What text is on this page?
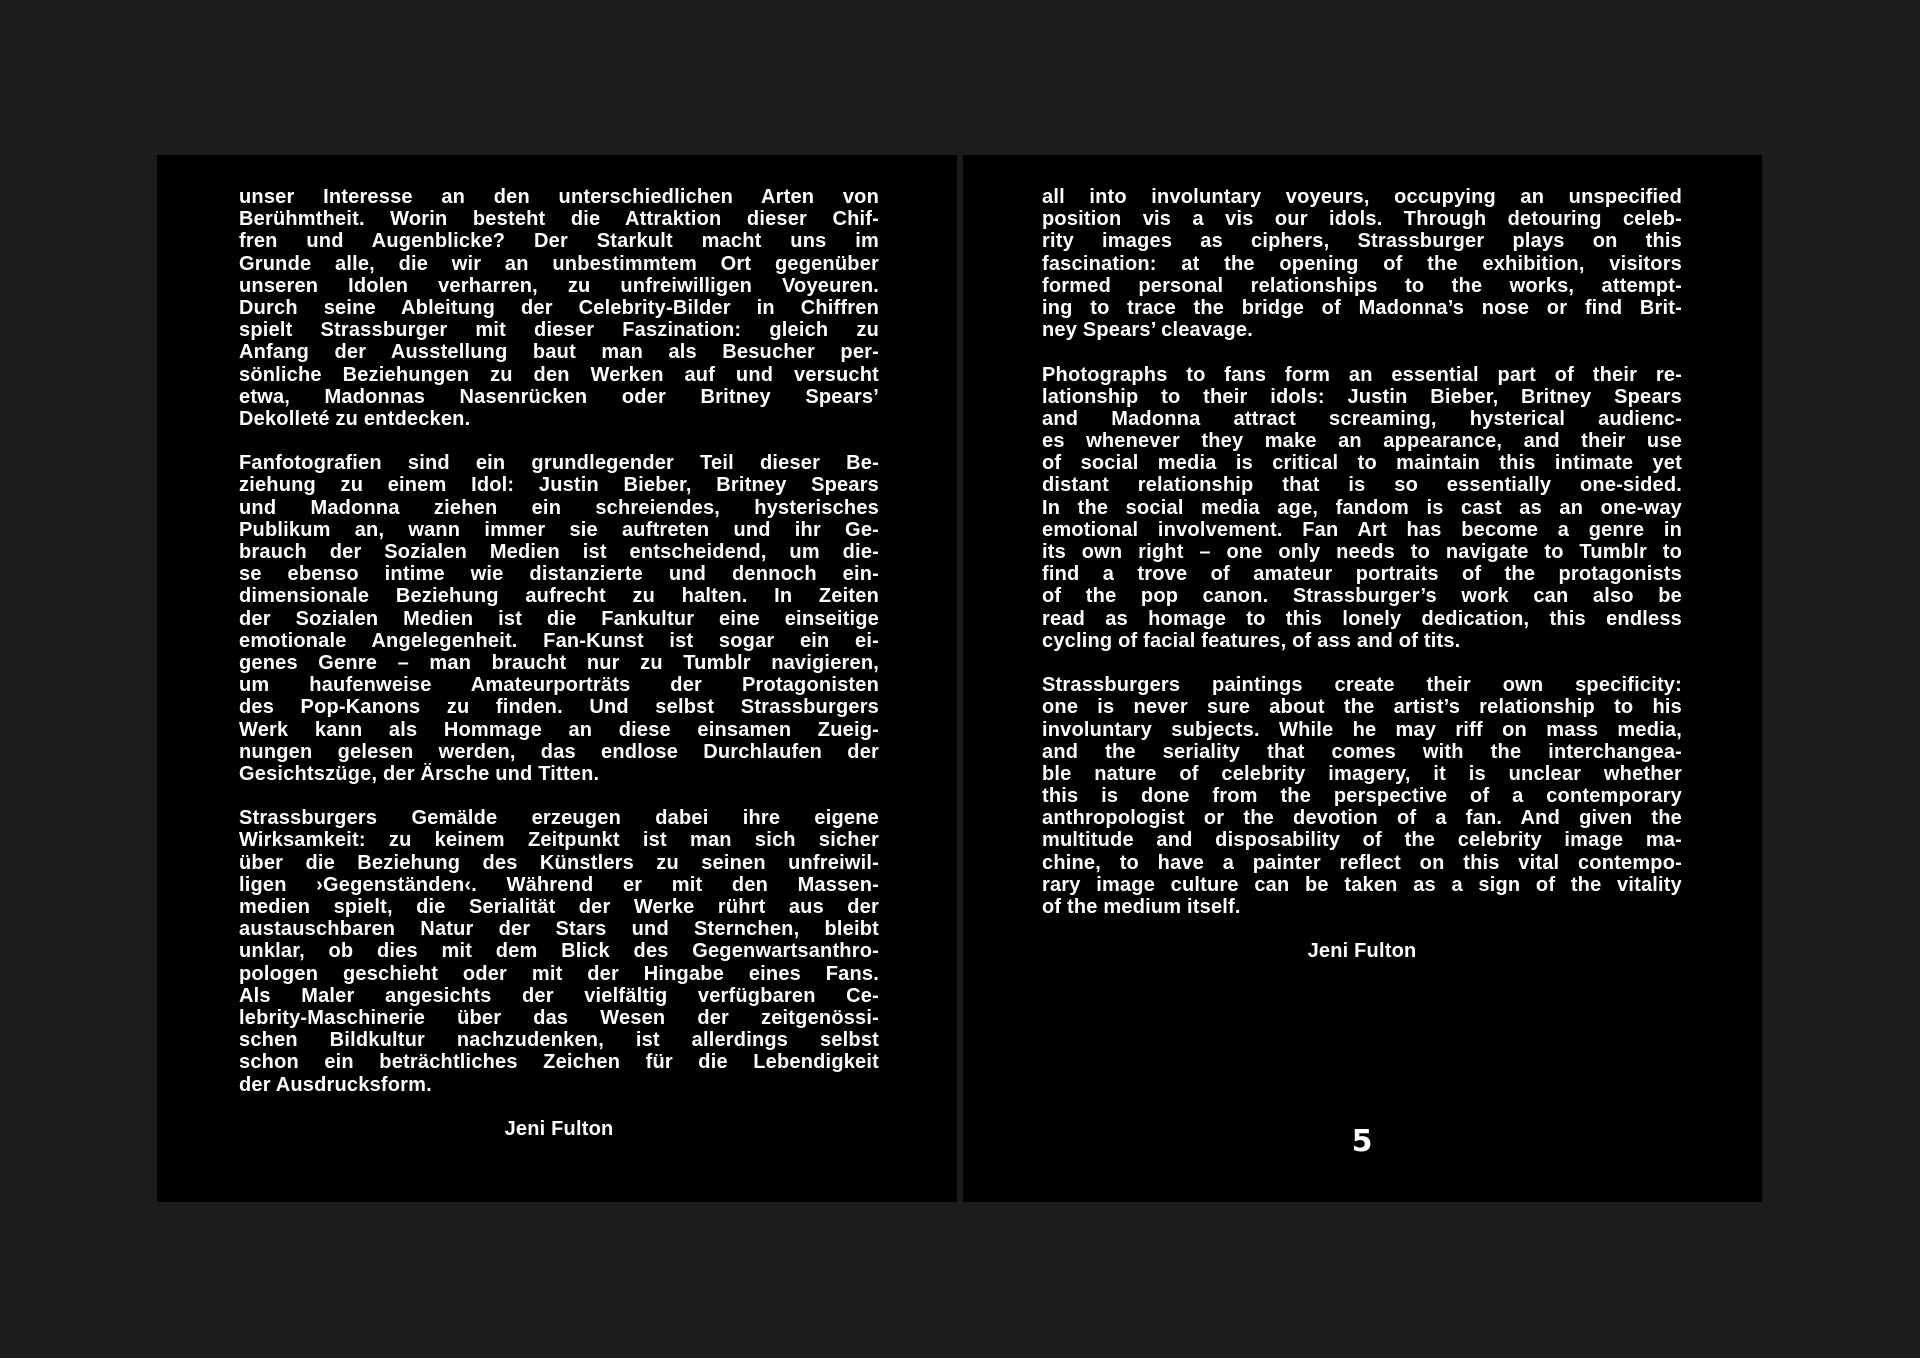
unser Interesse an den unterschiedlichen Arten von
Berühmtheit. Worin besteht die Attraktion dieser Chif-
fren und Augenblicke? Der Starkult macht uns im
Grunde alle, die wir an unbestimmtem Ort gegenüber
unseren Idolen verharren, zu unfreiwilligen Voyeuren.
Durch seine Ableitung der Celebrity-Bilder in Chiffren
spielt Strassburger mit dieser Faszination: gleich zu
Anfang der Ausstellung baut man als Besucher per-
sönliche Beziehungen zu den Werken auf und versucht
etwa, Madonnas Nasenrücken oder Britney Spears’
Dekolleté zu entdecken.
Fanfotografien sind ein grundlegender Teil dieser Be-
ziehung zu einem Idol: Justin Bieber, Britney Spears
und Madonna ziehen ein schreiendes, hysterisches
Publikum an, wann immer sie auftreten und ihr Ge-
brauch der Sozialen Medien ist entscheidend, um die-
se ebenso intime wie distanzierte und dennoch ein-
dimensionale Beziehung aufrecht zu halten. In Zeiten
der Sozialen Medien ist die Fankultur eine einseitige
emotionale Angelegenheit. Fan-Kunst ist sogar ein ei-
genes Genre – man braucht nur zu Tumblr navigieren,
um haufenweise Amateurporträts der Protagonisten
des Pop-Kanons zu finden. Und selbst Strassburgers
Werk kann als Hommage an diese einsamen Zueig-
nungen gelesen werden, das endlose Durchlaufen der
Gesichtszüge, der Ärsche und Titten.
Strassburgers Gemälde erzeugen dabei ihre eigene
Wirksamkeit: zu keinem Zeitpunkt ist man sich sicher
über die Beziehung des Künstlers zu seinen unfreiwil-
ligen ›Gegenständen‹. Während er mit den Massen-
medien spielt, die Serialität der Werke rührt aus der
austauschbaren Natur der Stars und Sternchen, bleibt
unklar, ob dies mit dem Blick des Gegenwartsanthro-
pologen geschieht oder mit der Hingabe eines Fans.
Als Maler angesichts der vielfältig verfügbaren Ce-
lebrity-Maschinerie über das Wesen der zeitgenössi-
schen Bildkultur nachzudenken, ist allerdings selbst
schon ein beträchtliches Zeichen für die Lebendigkeit
der Ausdrucksform.
Jeni Fulton
all into involuntary voyeurs, occupying an unspecified
position vis a vis our idols. Through detouring celeb-
rity images as ciphers, Strassburger plays on this
fascination: at the opening of the exhibition, visitors
formed personal relationships to the works, attempt-
ing to trace the bridge of Madonna’s nose or find Brit-
ney Spears’ cleavage.
Photographs to fans form an essential part of their re-
lationship to their idols: Justin Bieber, Britney Spears
and Madonna attract screaming, hysterical audienc-
es whenever they make an appearance, and their use
of social media is critical to maintain this intimate yet
distant relationship that is so essentially one-sided.
In the social media age, fandom is cast as an one-way
emotional involvement. Fan Art has become a genre in
its own right – one only needs to navigate to Tumblr to
find a trove of amateur portraits of the protagonists
of the pop canon. Strassburger’s work can also be
read as homage to this lonely dedication, this endless
cycling of facial features, of ass and of tits.
Strassburgers paintings create their own specificity:
one is never sure about the artist’s relationship to his
involuntary subjects. While he may riff on mass media,
and the seriality that comes with the interchangea-
ble nature of celebrity imagery, it is unclear whether
this is done from the perspective of a contemporary
anthropologist or the devotion of a fan. And given the
multitude and disposability of the celebrity image ma-
chine, to have a painter reflect on this vital contempo-
rary image culture can be taken as a sign of the vitality
of the medium itself.
Jeni Fulton
5
